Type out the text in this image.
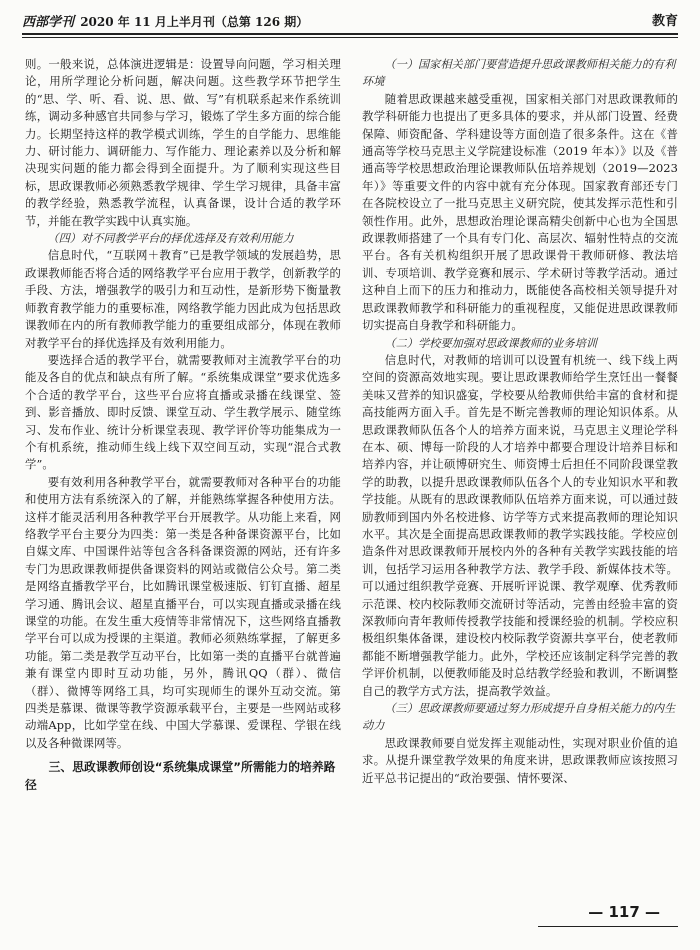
西部学刊 2020 年 11 月上半月刊（总第 126 期）	教育

则。一般来说，总体演进逻辑是：设置导向问题，学习相关理论，用所学理论分析问题，解决问题。这些教学环节把学生的“思、学、听、看、说、思、做、写”有机联系起来作系统训练，调动多种感官共同参与学习，锻炼了学生多方面的综合能力。长期坚持这样的教学模式训练，学生的自学能力、思维能力、研讨能力、调研能力、写作能力、理论素养以及分析和解决现实问题的能力都会得到全面提升。为了顺利实现这些目标，思政课教师必须熟悉教学规律、学生学习规律，具备丰富的教学经验，熟悉教学流程，认真备课，设计合适的教学环节，并能在教学实践中认真实施。

（四）对不同教学平台的择优选择及有效利用能力

信息时代，“互联网＋教育”已是教学领域的发展趋势，思政课教师能否将合适的网络教学平台应用于教学，创新教学的手段、方法，增强教学的吸引力和互动性，是新形势下衡量教师教育教学能力的重要标准，网络教学能力因此成为包括思政课教师在内的所有教师教学能力的重要组成部分，体现在教师对教学平台的择优选择及有效利用能力。

要选择合适的教学平台，就需要教师对主流教学平台的功能及各自的优点和缺点有所了解。“系统集成课堂”要求优选多个合适的教学平台，这些平台应将直播或录播在线课堂、签到、影音播放、即时反馈、课堂互动、学生教学展示、随堂练习、发布作业、统计分析课堂表现、教学评价等功能集成为一个有机系统，推动师生线上线下双空间互动，实现“混合式教学”。

要有效利用各种教学平台，就需要教师对各种平台的功能和使用方法有系统深入的了解，并能熟练掌握各种使用方法。这样才能灵活利用各种教学平台开展教学。从功能上来看，网络教学平台主要分为四类：第一类是各种备课资源平台，比如自媒文库、中国课件站等包含各科备课资源的网站，还有许多专门为思政课教师提供备课资料的网站或微信公众号。第二类是网络直播教学平台，比如腾讯课堂极速版、钉钉直播、超星学习通、腾讯会议、超星直播平台，可以实现直播或录播在线课堂的功能。在发生重大疫情等非常情况下，这些网络直播教学平台可以成为授课的主渠道。教师必须熟练掌握，了解更多功能。第二类是教学互动平台，比如第一类的直播平台就普遍兼有课堂内即时互动功能，另外，腾讯QQ（群）、微信（群）、微博等网络工具，均可实现师生的课外互动交流。第四类是慕课、微课等教学资源承载平台，主要是一些网站或移动端App，比如学堂在线、中国大学慕课、爱课程、学银在线以及各种微课网等。

三、思政课教师创设“系统集成课堂”所需能力的培养路径

（一）国家相关部门要营造提升思政课教师相关能力的有利环境

随着思政课越来越受重视，国家相关部门对思政课教师的教学科研能力也提出了更多具体的要求，并从部门设置、经费保障、师资配备、学科建设等方面创造了很多条件。这在《普通高等学校马克思主义学院建设标准（2019 年本）》以及《普通高等学校思想政治理论课教师队伍培养规划（2019—2023 年）》等重要文件的内容中就有充分体现。国家教育部还专门在各院校设立了一批马克思主义研究院，使其发挥示范性和引领性作用。此外，思想政治理论课高精尖创新中心也为全国思政课教师搭建了一个具有专门化、高层次、辐射性特点的交流平台。各有关机构组织开展了思政课骨干教师研修、教法培训、专项培训、教学竞赛和展示、学术研讨等教学活动。通过这种自上而下的压力和推动力，既能使各高校相关领导提升对思政课教师教学和科研能力的重视程度，又能促进思政课教师切实提高自身教学和科研能力。

（二）学校要加强对思政课教师的业务培训

信息时代，对教师的培训可以设置有机统一、线下线上两空间的资源高效地实现。要让思政课教师给学生烹饪出一餐餐美味又营养的知识盛宴，学校要从给教师供给丰富的食材和提高技能两方面入手。首先是不断完善教师的理论知识体系。从思政课教师队伍各个人的培养方面来说，马克思主义理论学科在本、硕、博每一阶段的人才培养中都要合理设计培养目标和培养内容，并让硕博研究生、师资博士后担任不同阶段课堂教学的助教，以提升思政课教师队伍各个人的专业知识水平和教学技能。从既有的思政课教师队伍培养方面来说，可以通过鼓励教师到国内外名校进修、访学等方式来提高教师的理论知识水平。其次是全面提高思政课教师的教学实践技能。学校应创造条件对思政课教师开展校内外的各种有关教学实践技能的培训，包括学习运用各种教学方法、教学手段、新媒体技术等。可以通过组织教学竞赛、开展听评说课、教学观摩、优秀教师示范课、校内校际教师交流研讨等活动，完善由经验丰富的资深教师向青年教师传授教学技能和授课经验的机制。学校应积极组织集体备课，建设校内校际教学资源共享平台，使老教师都能不断增强教学能力。此外，学校还应该制定科学完善的教学评价机制，以便教师能及时总结教学经验和教训，不断调整自己的教学方式方法，提高教学效益。

（三）思政课教师要通过努力形成提升自身相关能力的内生动力

思政课教师要自觉发挥主观能动性，实现对职业价值的追求。从提升课堂教学效果的角度来讲，思政课教师应该按照习近平总书记提出的“政治要强、情怀要深、

— 117 —
